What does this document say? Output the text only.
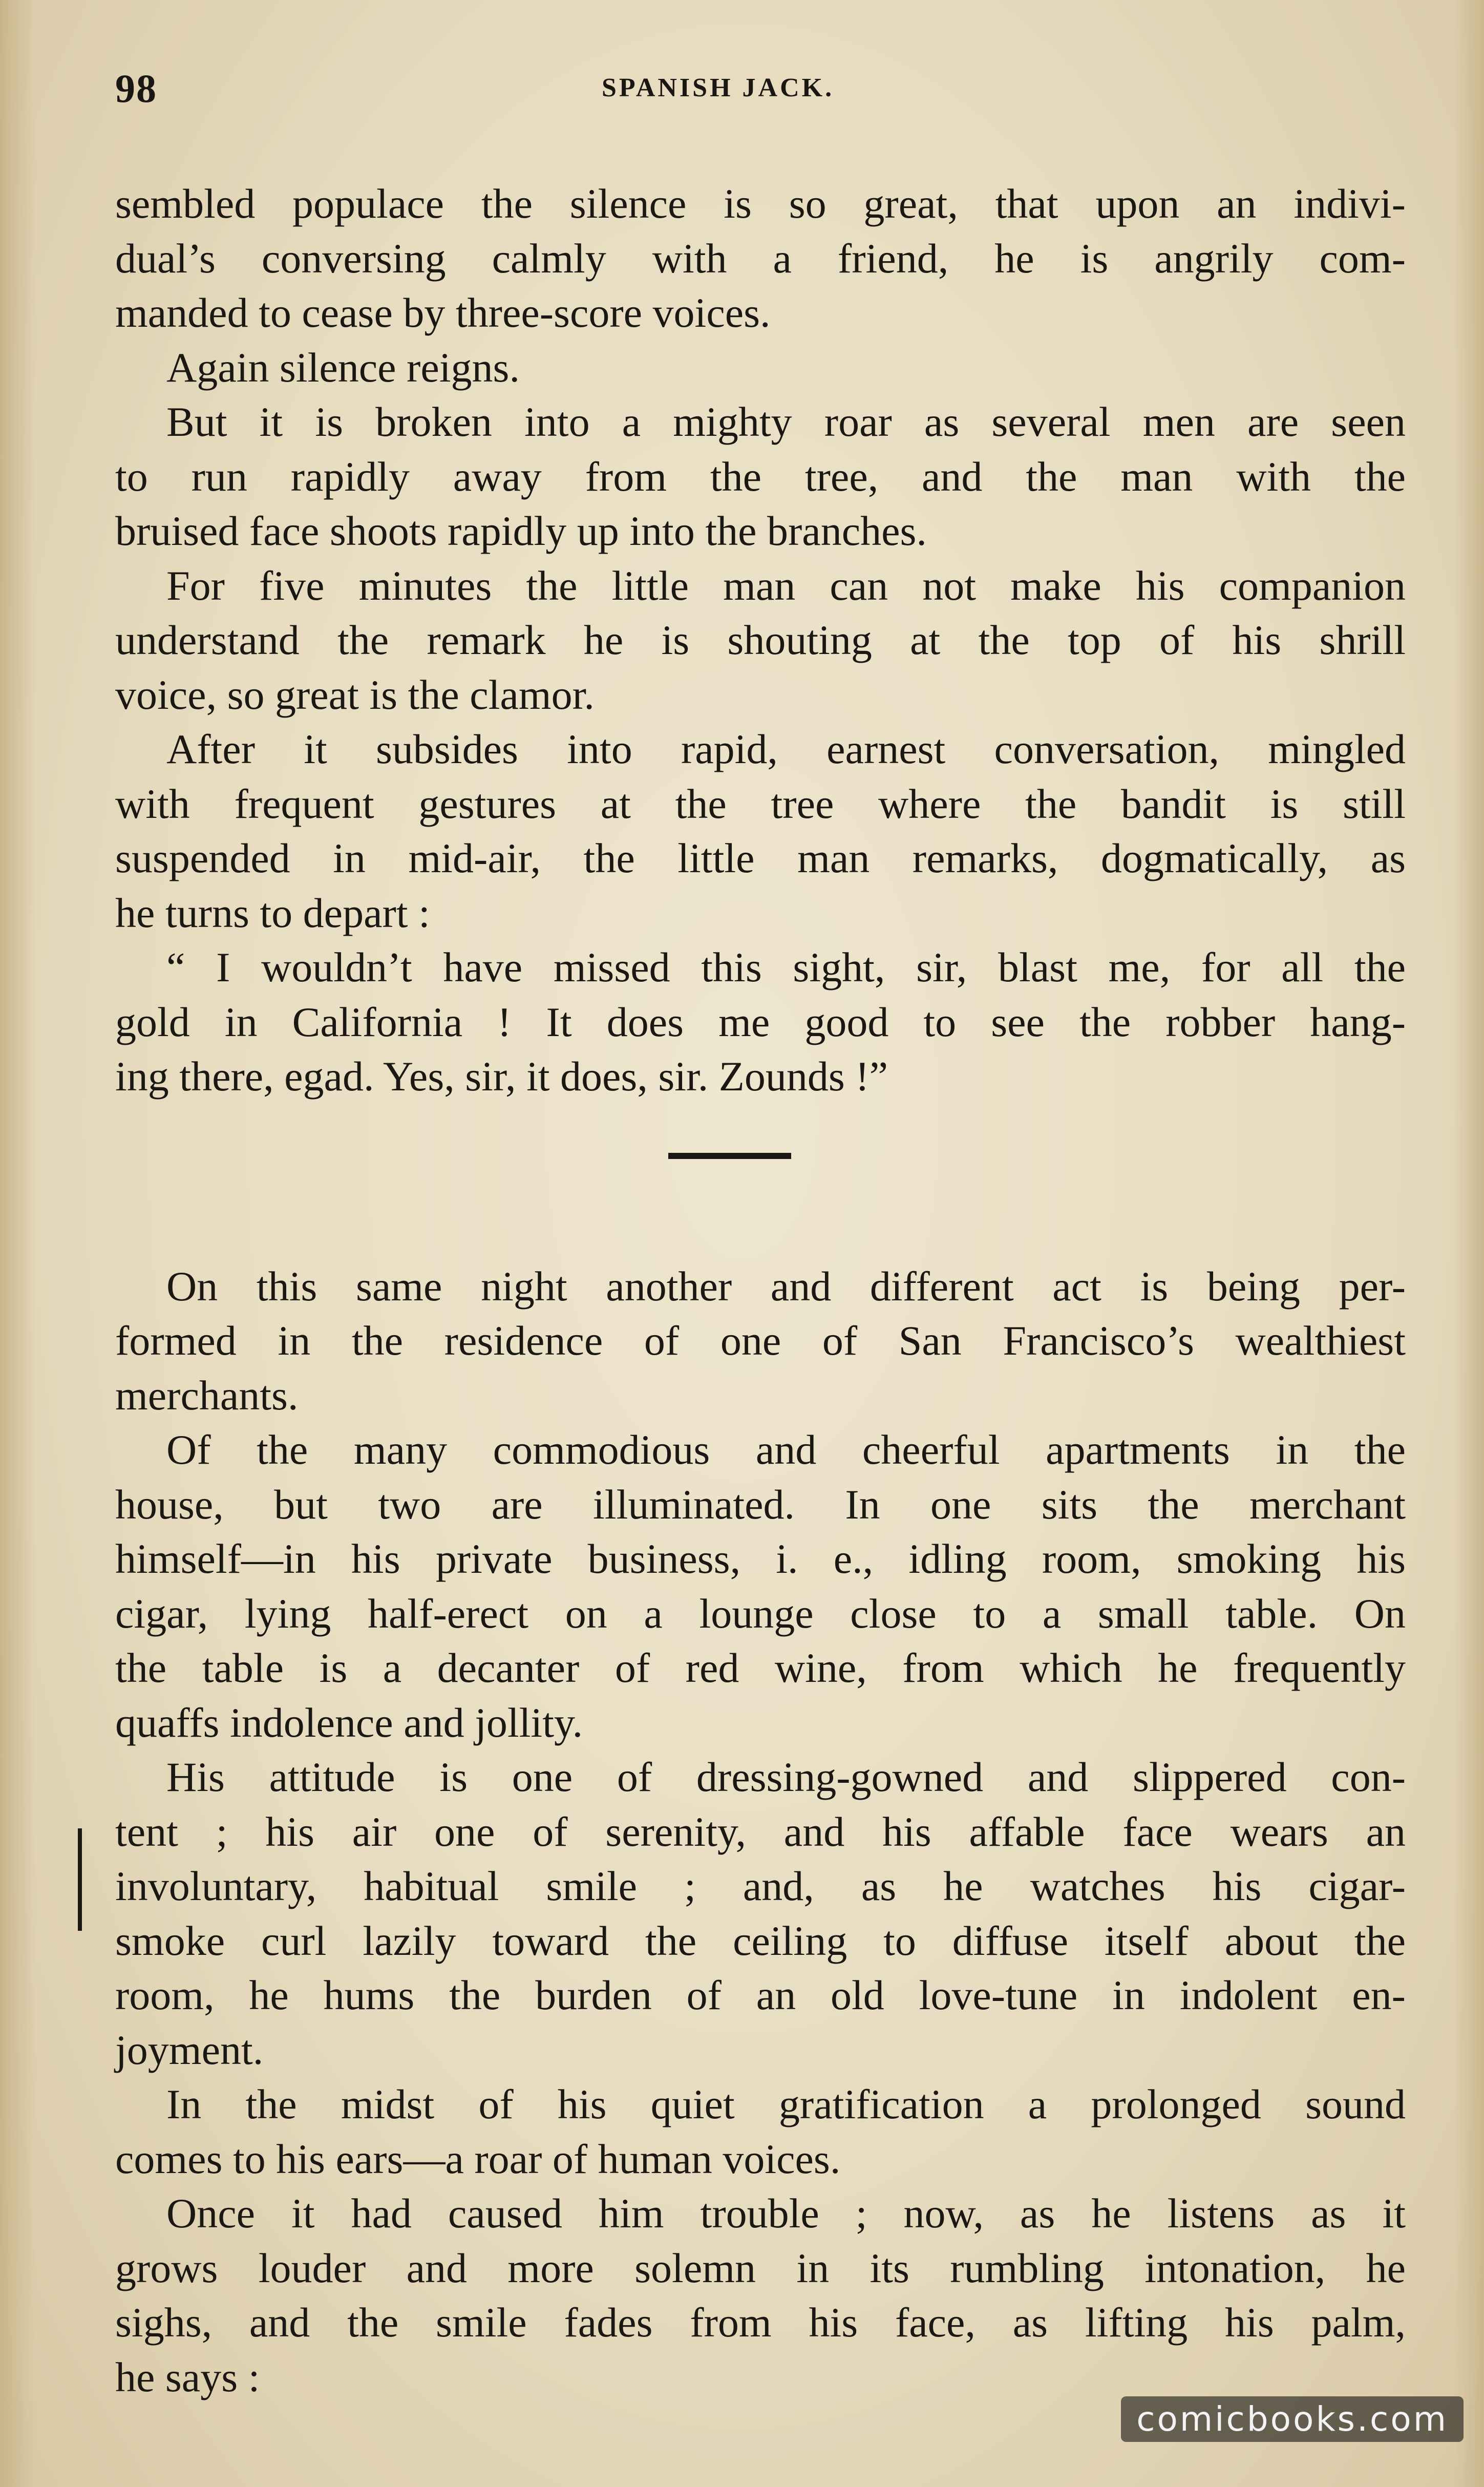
98	SPANISH JACK.
sembled populace the silence is so great, that upon an indivi-
dual’s conversing calmly with a friend, he is angrily com-
manded to cease by three-score voices.
Again silence reigns.
But it is broken into a mighty roar as several men are seen
to run rapidly away from the tree, and the man with the
bruised face shoots rapidly up into the branches.
For five minutes the little man can not make his companion
understand the remark he is shouting at the top of his shrill
voice, so great is the clamor.
After it subsides into rapid, earnest conversation, mingled
with frequent gestures at the tree where the bandit is still
suspended in mid-air, the little man remarks, dogmatically, as
he turns to depart :
“ I wouldn’t have missed this sight, sir, blast me, for all the
gold in California ! It does me good to see the robber hang-
ing there, egad. Yes, sir, it does, sir. Zounds !”
On this same night another and different act is being per-
formed in the residence of one of San Francisco’s wealthiest
merchants.
Of the many commodious and cheerful apartments in the
house, but two are illuminated. In one sits the merchant
himself—in his private business, i. e., idling room, smoking his
cigar, lying half-erect on a lounge close to a small table. On
the table is a decanter of red wine, from which he frequently
quaffs indolence and jollity.
His attitude is one of dressing-gowned and slippered con-
tent ; his air one of serenity, and his affable face wears an
involuntary, habitual smile ; and, as he watches his cigar-
smoke curl lazily toward the ceiling to diffuse itself about the
room, he hums the burden of an old love-tune in indolent en-
joyment.
In the midst of his quiet gratification a prolonged sound
comes to his ears—a roar of human voices.
Once it had caused him trouble ; now, as he listens as it
grows louder and more solemn in its rumbling intonation, he
sighs, and the smile fades from his face, as lifting his palm,
he says :
comicbooks.com
